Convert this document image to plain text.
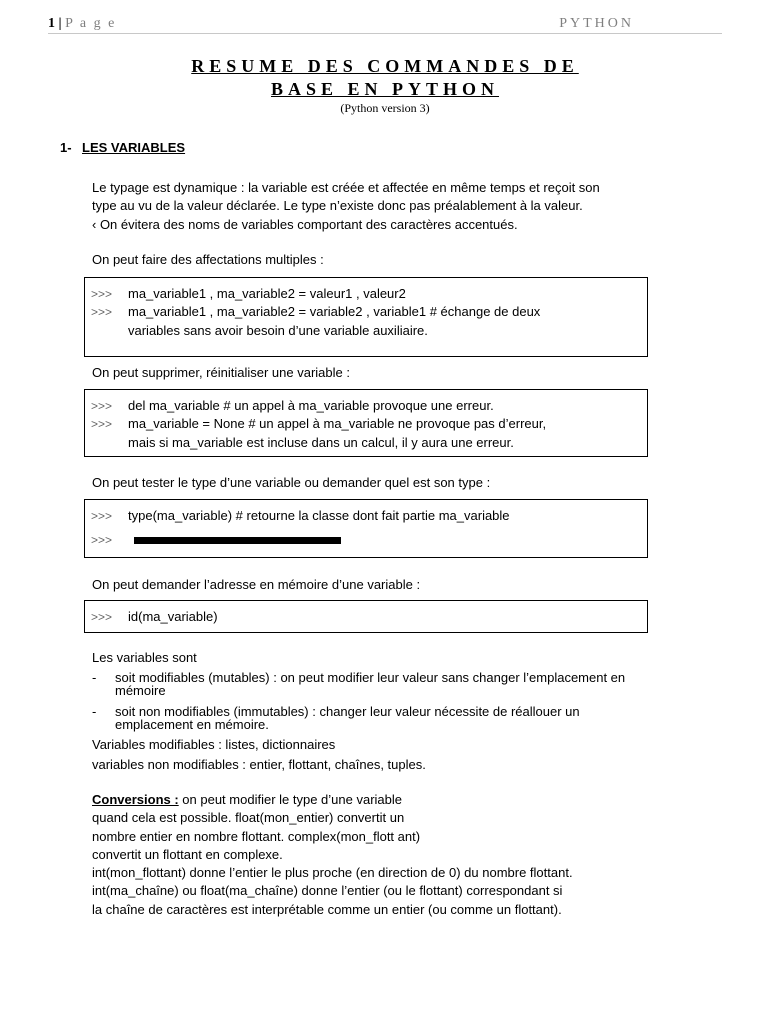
1 | P a g e	PYTHON
RESUME DES COMMANDES DE
BASE EN PYTHON
(Python version 3)
1- LES VARIABLES
Le typage est dynamique : la variable est créée et affectée en même temps et reçoit son
type au vu de la valeur déclarée. Le type n’existe donc pas préalablement à la valeur.
‹ On évitera des noms de variables comportant des caractères accentués.
On peut faire des affectations multiples :
>>> ma_variable1 , ma_variable2 = valeur1 , valeur2
>>> ma_variable1 , ma_variable2 = variable2 , variable1 # échange de deux
variables sans avoir besoin d’une variable auxiliaire.
On peut supprimer, réinitialiser une variable :
>>> del ma_variable # un appel à ma_variable provoque une erreur.
>>> ma_variable = None # un appel à ma_variable ne provoque pas d’erreur,
mais si ma_variable est incluse dans un calcul, il y aura une erreur.
On peut tester le type d’une variable ou demander quel est son type :
>>> type(ma_variable) # retourne la classe dont fait partie ma_variable
>>>
On peut demander l’adresse en mémoire d’une variable :
>>> id(ma_variable)
Les variables sont
- soit modifiables (mutables) : on peut modifier leur valeur sans changer l’emplacement en
mémoire
- soit non modifiables (immutables) : changer leur valeur nécessite de réallouer un
emplacement en mémoire.
Variables modifiables : listes, dictionnaires
variables non modifiables : entier, flottant, chaînes, tuples.
Conversions : on peut modifier le type d’une variable
quand cela est possible. float(mon_entier) convertit un
nombre entier en nombre flottant. complex(mon_flott ant)
convertit un flottant en complexe.
int(mon_flottant) donne l’entier le plus proche (en direction de 0) du nombre flottant.
int(ma_chaîne) ou float(ma_chaîne) donne l’entier (ou le flottant) correspondant si
la chaîne de caractères est interprétable comme un entier (ou comme un flottant).
